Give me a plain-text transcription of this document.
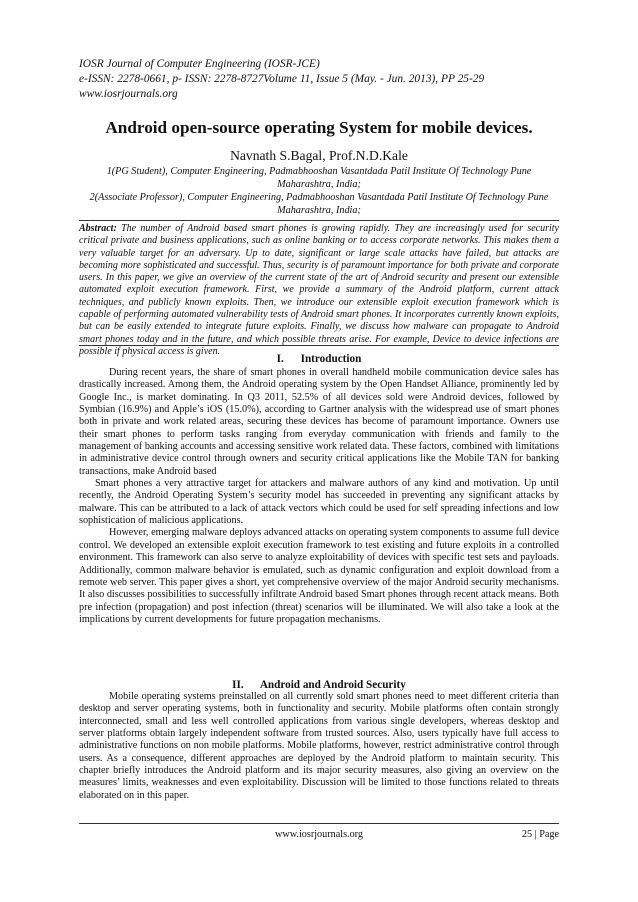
IOSR Journal of Computer Engineering (IOSR-JCE)
e-ISSN: 2278-0661, p- ISSN: 2278-8727Volume 11, Issue 5 (May. - Jun. 2013), PP 25-29
www.iosrjournals.org
Android open-source operating System for mobile devices.
Navnath S.Bagal, Prof.N.D.Kale
1(PG Student), Computer Engineering, Padmabhooshan Vasantdada Patil Institute Of Technology Pune Maharashtra, India;
2(Associate Professor), Computer Engineering, Padmabhooshan Vasantdada Patil Institute Of Technology Pune Maharashtra, India;
Abstract: The number of Android based smart phones is growing rapidly. They are increasingly used for security critical private and business applications, such as online banking or to access corporate networks. This makes them a very valuable target for an adversary. Up to date, significant or large scale attacks have failed, but attacks are becoming more sophisticated and successful. Thus, security is of paramount importance for both private and corporate users. In this paper, we give an overview of the current state of the art of Android security and present our extensible automated exploit execution framework. First, we provide a summary of the Android platform, current attack techniques, and publicly known exploits. Then, we introduce our extensible exploit execution framework which is capable of performing automated vulnerability tests of Android smart phones. It incorporates currently known exploits, but can be easily extended to integrate future exploits. Finally, we discuss how malware can propagate to Android smart phones today and in the future, and which possible threats arise. For example, Device to device infections are possible if physical access is given.
I.      Introduction

During recent years, the share of smart phones in overall handheld mobile communication device sales has drastically increased. Among them, the Android operating system by the Open Handset Alliance, prominently led by Google Inc., is market dominating. In Q3 2011, 52.5% of all devices sold were Android devices, followed by Symbian (16.9%) and Apple’s iOS (15.0%), according to Gartner analysis with the widespread use of smart phones both in private and work related areas, securing these devices has become of paramount importance. Owners use their smart phones to perform tasks ranging from everyday communication with friends and family to the management of banking accounts and accessing sensitive work related data. These factors, combined with limitations in administrative device control through owners and security critical applications like the Mobile TAN for banking transactions, make Android based

Smart phones a very attractive target for attackers and malware authors of any kind and motivation. Up until recently, the Android Operating System’s security model has succeeded in preventing any significant attacks by malware. This can be attributed to a lack of attack vectors which could be used for self spreading infections and low sophistication of malicious applications.

However, emerging malware deploys advanced attacks on operating system components to assume full device control. We developed an extensible exploit execution framework to test existing and future exploits in a controlled environment. This framework can also serve to analyze exploitability of devices with specific test sets and payloads. Additionally, common malware behavior is emulated, such as dynamic configuration and exploit download from a remote web server. This paper gives a short, yet comprehensive overview of the major Android security mechanisms. It also discusses possibilities to successfully infiltrate Android based Smart phones through recent attack means. Both pre infection (propagation) and post infection (threat) scenarios will be illuminated. We will also take a look at the implications by current developments for future propagation mechanisms.

II.      Android and Android Security

Mobile operating systems preinstalled on all currently sold smart phones need to meet different criteria than desktop and server operating systems, both in functionality and security. Mobile platforms often contain strongly interconnected, small and less well controlled applications from various single developers, whereas desktop and server platforms obtain largely independent software from trusted sources. Also, users typically have full access to administrative functions on non mobile platforms. Mobile platforms, however, restrict administrative control through users. As a consequence, different approaches are deployed by the Android platform to maintain security. This chapter briefly introduces the Android platform and its major security measures, also giving an overview on the measures’ limits, weaknesses and even exploitability. Discussion will be limited to those functions related to threats elaborated on in this paper.

www.iosrjournals.org	25 | Page
